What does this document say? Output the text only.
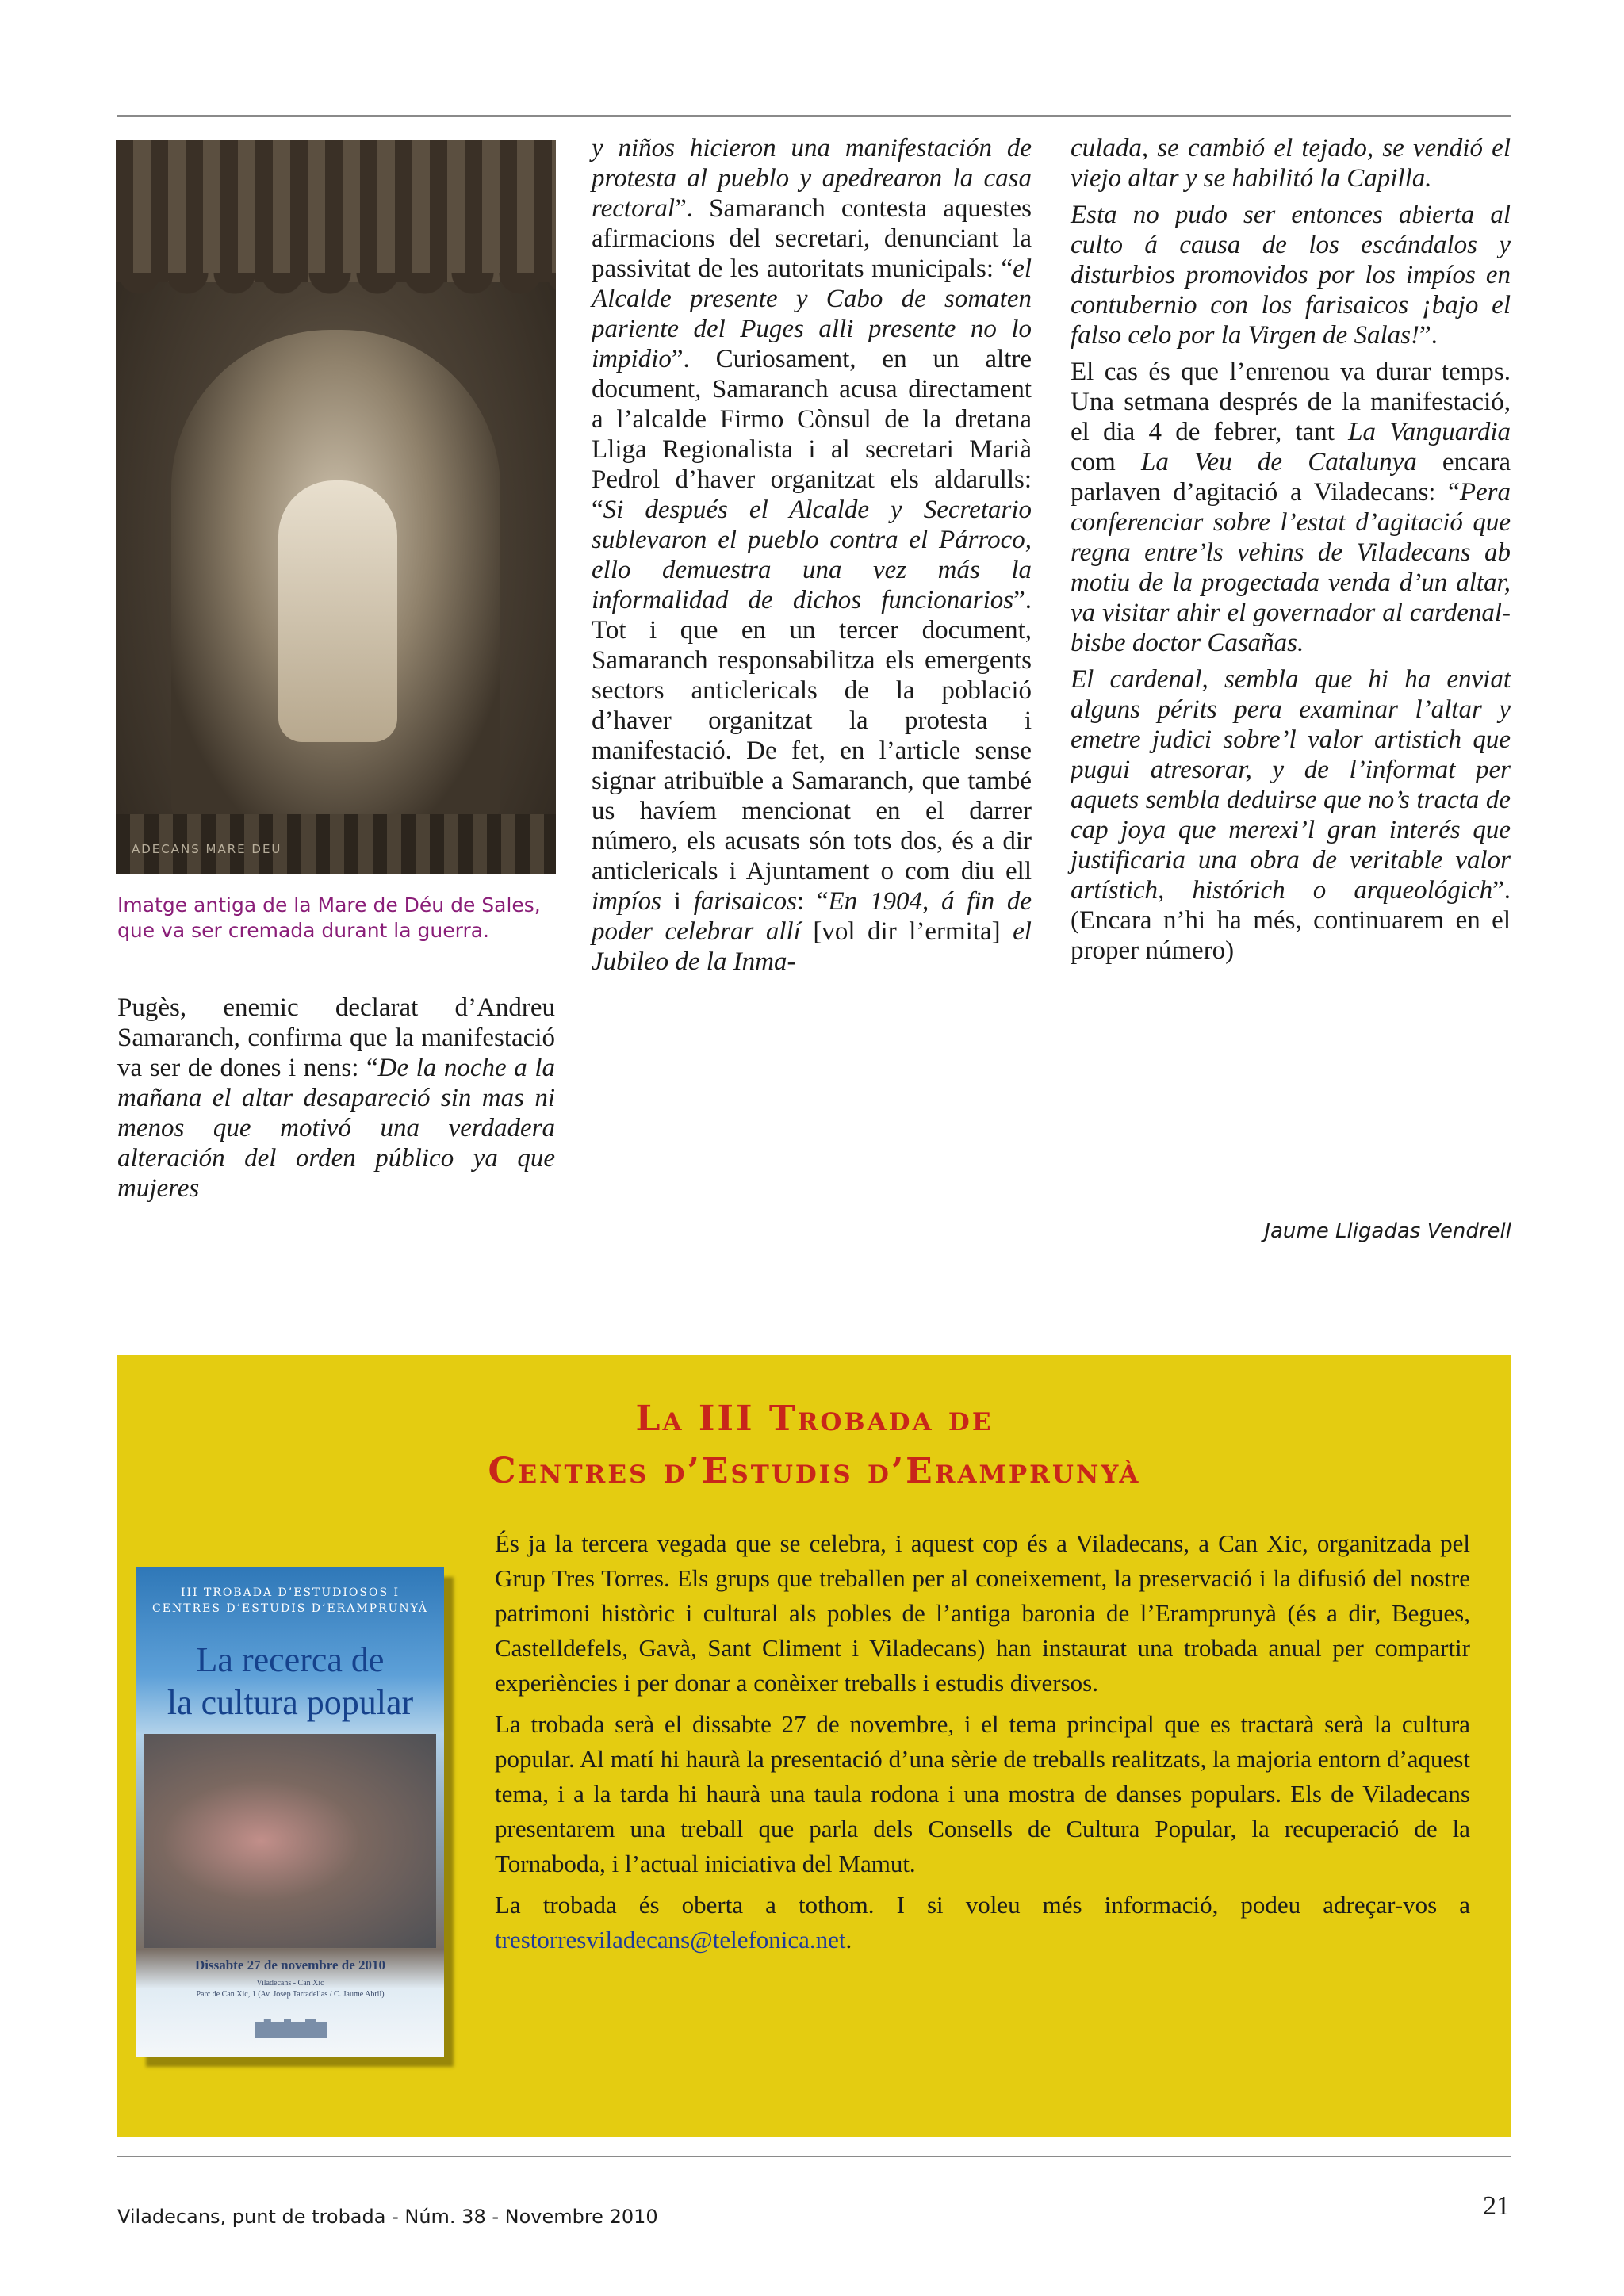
ADECANS MARE DEU

Imatge antiga de la Mare de Déu de Sales, que va ser cremada durant la guerra.

Pugès, enemic declarat d’Andreu Samaranch, confirma que la manifestació va ser de dones i nens: “De la noche a la mañana el altar desapareció sin mas ni menos que motivó una verdadera alteración del orden público ya que mujeres

y niños hicieron una manifestación de protesta al pueblo y apedrearon la casa rectoral”. Samaranch contesta aquestes afirmacions del secretari, denunciant la passivitat de les autoritats municipals: “el Alcalde presente y Cabo de somaten pariente del Puges alli presente no lo impidio”. Curiosament, en un altre document, Samaranch acusa directament a l’alcalde Firmo Cònsul de la dretana Lliga Regionalista i al secretari Marià Pedrol d’haver organitzat els aldarulls: “Si después el Alcalde y Secretario sublevaron el pueblo contra el Párroco, ello demuestra una vez más la informalidad de dichos funcionarios”. Tot i que en un tercer document, Samaranch responsabilitza els emergents sectors anticlericals de la població d’haver organitzat la protesta i manifestació. De fet, en l’article sense signar atribuïble a Samaranch, que també us havíem mencionat en el darrer número, els acusats són tots dos, és a dir anticlericals i Ajuntament o com diu ell impíos i farisaicos: “En 1904, á fin de poder celebrar allí [vol dir l’ermita] el Jubileo de la Inma-

culada, se cambió el tejado, se vendió el viejo altar y se habilitó la Capilla.

Esta no pudo ser entonces abierta al culto á causa de los escándalos y disturbios promovidos por los impíos en contubernio con los farisaicos ¡bajo el falso celo por la Virgen de Salas!”.

El cas és que l’enrenou va durar temps. Una setmana després de la manifestació, el dia 4 de febrer, tant La Vanguardia com La Veu de Catalunya encara parlaven d’agitació a Viladecans: “Pera conferenciar sobre l’estat d’agitació que regna entre’ls vehins de Viladecans ab motiu de la progectada venda d’un altar, va visitar ahir el governador al cardenal-bisbe doctor Casañas.

El cardenal, sembla que hi ha enviat alguns périts pera examinar l’altar y emetre judici sobre’l valor artistich que pugui atresorar, y de l’informat per aquets sembla deduirse que no’s tracta de cap joya que merexi’l gran interés que justificaria una obra de veritable valor artístich, histórich o arqueológich”.(Encara n’hi ha més, continuarem en el proper número)

Jaume Lligadas Vendrell
La III Trobada de
Centres d’Estudis d’Eramprunyà
III TROBADA D’ESTUDIOSOS I
CENTRES D’ESTUDIS D’ERAMPRUNYÀ
La recerca de
la cultura popular
Dissabte 27 de novembre de 2010
Viladecans - Can Xic
Parc de Can Xic, 1 (Av. Josep Tarradellas / C. Jaume Abril)

És ja la tercera vegada que se celebra, i aquest cop és a Viladecans, a Can Xic, organitzada pel Grup Tres Torres. Els grups que treballen per al coneixement, la preservació i la difusió del nostre patrimoni històric i cultural als pobles de l’antiga baronia de l’Eramprunyà (és a dir, Begues, Castelldefels, Gavà, Sant Climent i Viladecans) han instaurat una trobada anual per compartir experiències i per donar a conèixer treballs i estudis diversos.

La trobada serà el dissabte 27 de novembre, i el tema principal que es tractarà serà la cultura popular. Al matí hi haurà la presentació d’una sèrie de treballs realitzats, la majoria entorn d’aquest tema, i a la tarda hi haurà una taula rodona i una mostra de danses populars. Els de Viladecans presentarem una treball que parla dels Consells de Cultura Popular, la recuperació de la Tornaboda, i l’actual iniciativa del Mamut.

La trobada és oberta a tothom. I si voleu més informació, podeu adreçar-vos a trestorresviladecans@telefonica.net.

Viladecans, punt de trobada - Núm. 38 - Novembre 2010	21
